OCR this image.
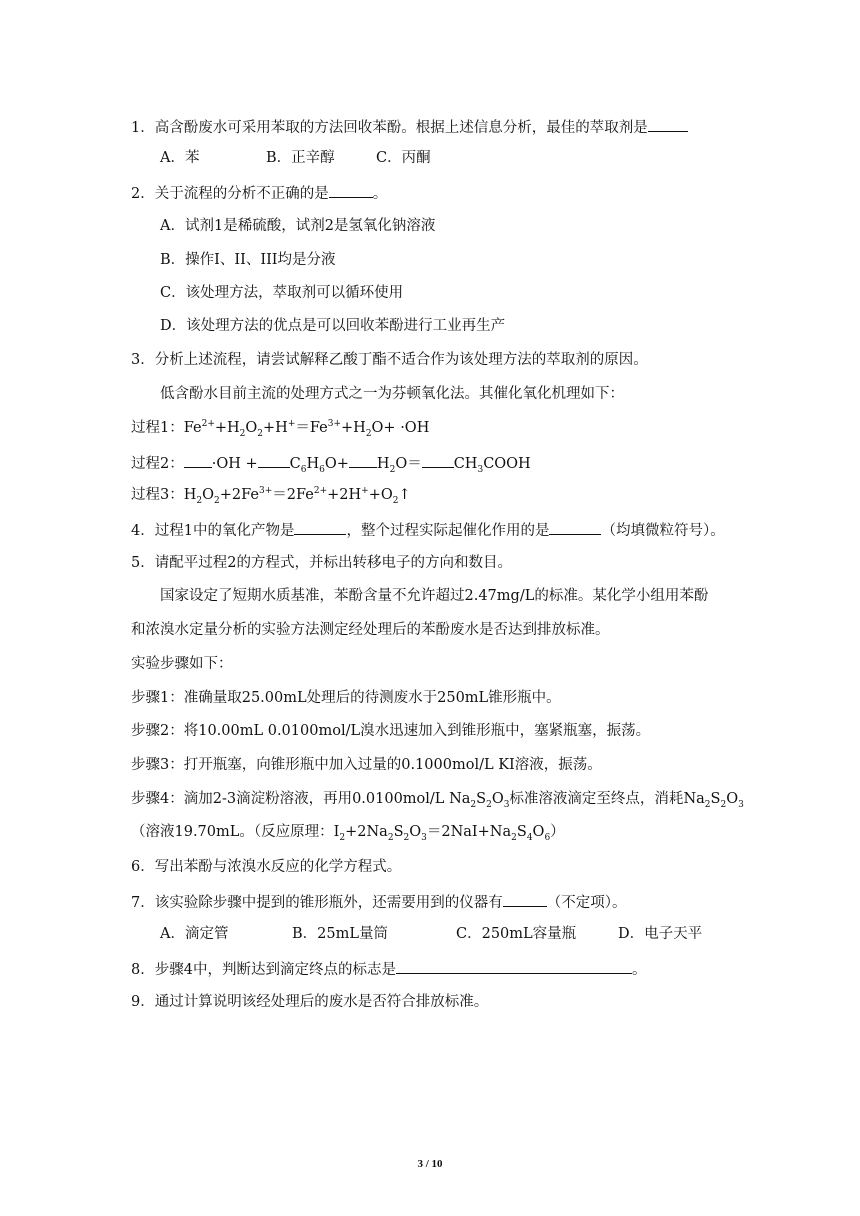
1．高含酚废水可采用苯取的方法回收苯酚。根据上述信息分析，最佳的萃取剂是
A．苯	B．正辛醇	C．丙酮
2．关于流程的分析不正确的是	。
A．试剂1是稀硫酸，试剂2是氢氧化钠溶液
B．操作I、II、III均是分液
C．该处理方法，萃取剂可以循环使用
D．该处理方法的优点是可以回收苯酚进行工业再生产
3．分析上述流程，请尝试解释乙酸丁酯不适合作为该处理方法的萃取剂的原因。
低含酚水目前主流的处理方式之一为芬顿氧化法。其催化氧化机理如下：
过程1：$Fe^{2+}+H_2O_2+H^+=Fe^{3+}+H_2O+ \cdot OH$
过程2： $\cdot OH + C_6H_6O+ H_2O=$ $CH_3COOH$
过程3：$H_2O_2+2Fe^{3+}=2Fe^{2+}+2H^++O_2↑$
4．过程1中的氧化产物是	，整个过程实际起催化作用的是	（均填微粒符号）。
5．请配平过程2的方程式，并标出转移电子的方向和数目。
国家设定了短期水质基准，苯酚含量不允许超过2.47mg/L的标准。某化学小组用苯酚
和浓溴水定量分析的实验方法测定经处理后的苯酚废水是否达到排放标准。
实验步骤如下：
步骤1：准确量取25.00mL处理后的待测废水于250mL锥形瓶中。
步骤2：将10.00mL 0.0100mol/L溴水迅速加入到锥形瓶中，塞紧瓶塞，振荡。
步骤3：打开瓶塞，向锥形瓶中加入过量的0.1000mol/L KI溶液，振荡。
步骤4：滴加2-3滴淀粉溶液，再用0.0100mol/L $Na_2S_2O_3$标准溶液滴定至终点，消耗$Na_2S_2O_3$
（溶液19.70mL。（反应原理：$I_2+2Na_2S_2O_3=2NaI+Na_2S_4O_6$）
6．写出苯酚与浓溴水反应的化学方程式。
7．该实验除步骤中提到的锥形瓶外，还需要用到的仪器有	（不定项）。
A．滴定管	B．25mL量筒	C．250mL容量瓶	D．电子天平
8．步骤4中，判断达到滴定终点的标志是	。
9．通过计算说明该经处理后的废水是否符合排放标准。
3 / 10
